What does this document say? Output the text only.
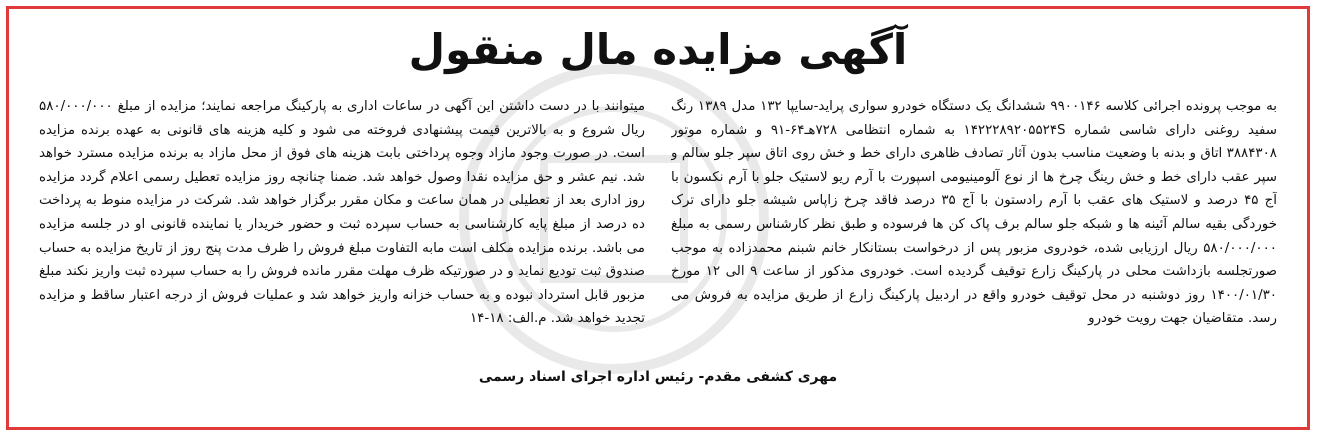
آگهی مزایده مال منقول

به موجب پرونده اجرائی کلاسه ۹۹۰۰۱۴۶ ششدانگ یک دستگاه خودرو سواری پراید-سایپا ۱۳۲ مدل ۱۳۸۹ رنگ سفید روغنی دارای شاسی شماره ۱۴۲۲۲۸۹۲۰۵۵۲۴S به شماره انتظامی ۷۲۸هـ۶۴-۹۱ و شماره موتور ۳۸۸۴۳۰۸ اتاق و بدنه با وضعیت مناسب بدون آثار تصادف ظاهری دارای خط و خش روی اتاق سپر جلو سالم و سپر عقب دارای خط و خش رینگ چرخ ها از نوع آلومینیومی اسپورت با آرم ریو لاستیک جلو با آرم نکسون با آج ۴۵ درصد و لاستیک های عقب با آرم رادستون با آج ۳۵ درصد فاقد چرخ زاپاس شیشه جلو دارای ترک خوردگی بقیه سالم آئینه ها و شبکه جلو سالم برف پاک کن ها فرسوده و طبق نظر کارشناس رسمی به مبلغ ۵۸۰/۰۰۰/۰۰۰ ریال ارزیابی شده، خودروی مزبور پس از درخواست بستانکار خانم شبنم محمدزاده به موجب صورتجلسه بازداشت محلی در پارکینگ زارع توقیف گردیده است. خودروی مذکور از ساعت ۹ الی ۱۲ مورخ ۱۴۰۰/۰۱/۳۰ روز دوشنبه در محل توقیف خودرو واقع در اردبیل پارکینگ زارع از طریق مزایده به فروش می رسد. متقاضیان جهت رویت خودرو

میتوانند با در دست داشتن این آگهی در ساعات اداری به پارکینگ مراجعه نمایند؛ مزایده از مبلغ ۵۸۰/۰۰۰/۰۰۰ ریال شروع و به بالاترین قیمت پیشنهادی فروخته می شود و کلیه هزینه های قانونی به عهده برنده مزایده است. در صورت وجود مازاد وجوه پرداختی بابت هزینه های فوق از محل مازاد به برنده مزایده مسترد خواهد شد. نیم عشر و حق مزایده نقدا وصول خواهد شد. ضمنا چنانچه روز مزایده تعطیل رسمی اعلام گردد مزایده روز اداری بعد از تعطیلی در همان ساعت و مکان مقرر برگزار خواهد شد. شرکت در مزایده منوط به پرداخت ده درصد از مبلغ پایه کارشناسی به حساب سپرده ثبت و حضور خریدار یا نماینده قانونی او در جلسه مزایده می باشد. برنده مزایده مکلف است مابه التفاوت مبلغ فروش را ظرف مدت پنج روز از تاریخ مزایده به حساب صندوق ثبت تودیع نماید و در صورتیکه ظرف مهلت مقرر مانده فروش را به حساب سپرده ثبت واریز نکند مبلغ مزبور قابل استرداد نبوده و به حساب خزانه واریز خواهد شد و عملیات فروش از درجه اعتبار ساقط و مزایده تجدید خواهد شد. م.الف: ۱۸-۱۴

مهری کشفی مقدم- رئیس اداره اجرای اسناد رسمی
